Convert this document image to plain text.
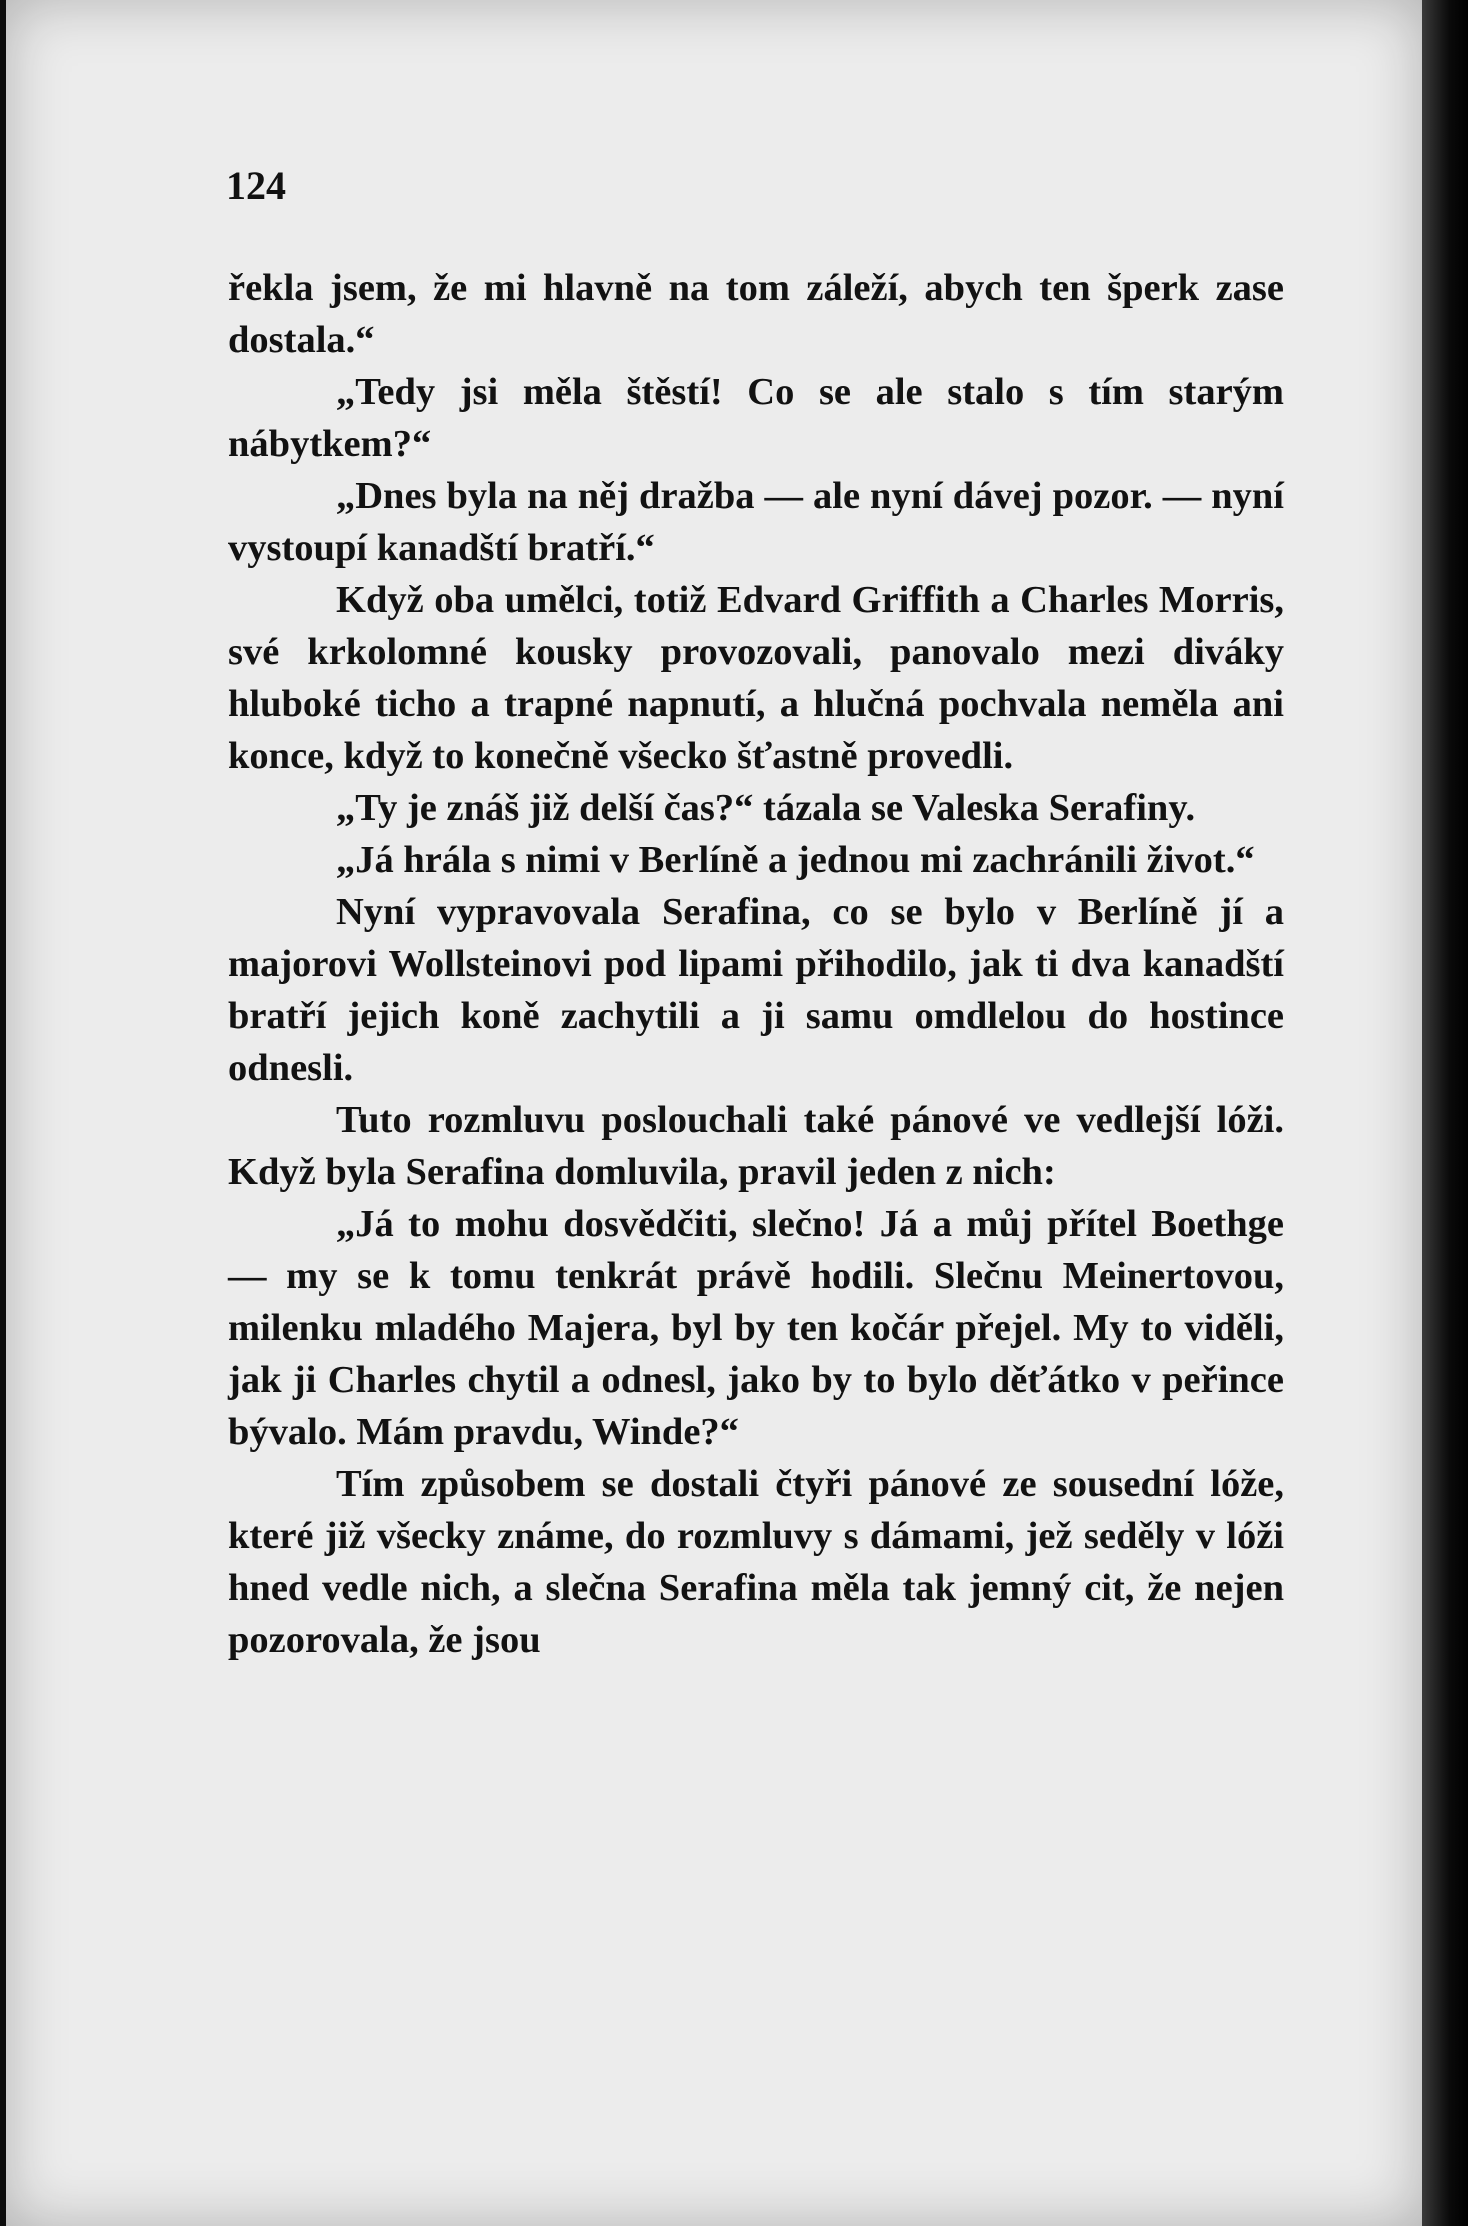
124

řekla jsem, že mi hlavně na tom záleží, abych ten šperk zase dostala.“

„Tedy jsi měla štěstí! Co se ale stalo s tím starým nábytkem?“

„Dnes byla na něj dražba — ale nyní dávej pozor. — nyní vystoupí kanadští bratří.“

Když oba umělci, totiž Edvard Griffith a Charles Morris, své krkolomné kousky provozovali, panovalo mezi diváky hluboké ticho a trapné napnutí, a hlučná pochvala neměla ani konce, když to konečně všecko šťastně provedli.

„Ty je znáš již delší čas?“ tázala se Valeska Serafiny.

„Já hrála s nimi v Berlíně a jednou mi zachránili život.“

Nyní vypravovala Serafina, co se bylo v Berlíně jí a majorovi Wollsteinovi pod lipami přihodilo, jak ti dva kanadští bratří jejich koně zachytili a ji samu omdlelou do hostince odnesli.

Tuto rozmluvu poslouchali také pánové ve vedlejší lóži. Když byla Serafina domluvila, pravil jeden z nich:

„Já to mohu dosvědčiti, slečno! Já a můj přítel Boethge — my se k tomu tenkrát právě hodili. Slečnu Meinertovou, milenku mladého Majera, byl by ten kočár přejel. My to viděli, jak ji Charles chytil a odnesl, jako by to bylo děťátko v peřince bývalo. Mám pravdu, Winde?“

Tím způsobem se dostali čtyři pánové ze sousední lóže, které již všecky známe, do rozmluvy s dámami, jež seděly v lóži hned vedle nich, a slečna Serafina měla tak jemný cit, že nejen pozorovala, že jsou
